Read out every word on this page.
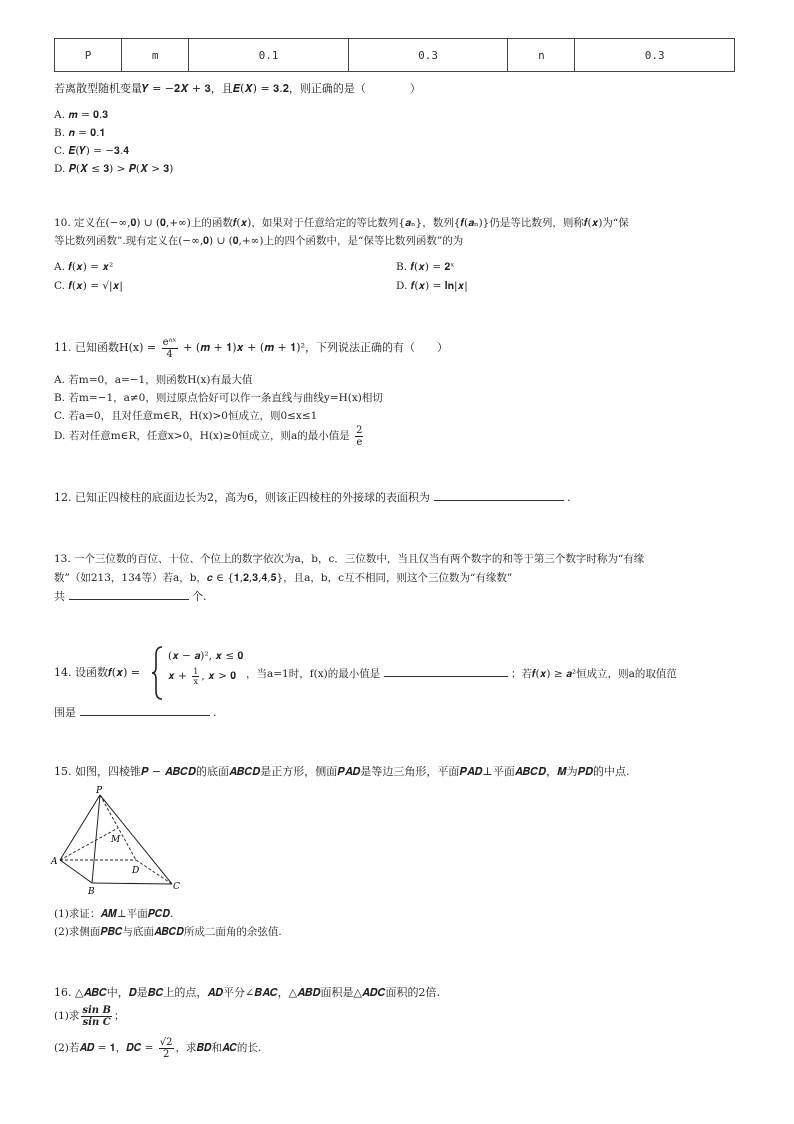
P	m	0.1	0.3	n	0.3
若离散型随机变量𝒀 = −𝟐𝑿 + 𝟑，且𝑬(𝑿) = 𝟑.𝟐，则正确的是（　　　　）
A. 𝒎 = 𝟎.𝟑
B. 𝒏 = 𝟎.𝟏
C. 𝑬(𝒀) = −𝟑.𝟒
D. 𝑷(𝑿 ≤ 𝟑) > 𝑷(𝑿 > 𝟑)
10. 定义在(−∞,𝟎) ∪ (𝟎,+∞)上的函数𝒇(𝒙)，如果对于任意给定的等比数列{𝒂ₙ}，数列{𝒇(𝒂ₙ)}仍是等比数列，则称𝒇(𝒙)为“保
等比数列函数”.现有定义在(−∞,𝟎) ∪ (𝟎,+∞)上的四个函数中，是“保等比数列函数”的为
A. 𝒇(𝒙) = 𝒙²	B. 𝒇(𝒙) = 𝟐ˣ
C. 𝒇(𝒙) = √|𝒙|	D. 𝒇(𝒙) = 𝐥𝐧|𝒙|
11. 已知函数$H(x) = \frac{\text{eᵃˣ}}{4}$ + (𝒎 + 𝟏)𝒙 + (𝒎 + 𝟏)²，下列说法正确的有（　　）
A. 若m=0，a=−1，则函数H(x)有最大值
B. 若m=−1，a≠0，则过原点恰好可以作一条直线与曲线y=H(x)相切
C. 若a=0，且对任意m∈R，H(x)>0恒成立，则0≤x≤1
D. 若对任意m∈R，任意x>0，H(x)≥0恒成立，则a的最小值是 $\frac{2}{e}$
12. 已知正四棱柱的底面边长为2，高为6，则该正四棱柱的外接球的表面积为	.
13. 一个三位数的百位、十位、个位上的数字依次为a，b，c．三位数中，当且仅当有两个数字的和等于第三个数字时称为“有缘
数”（如213，134等）若a，b，𝒄 ∈ {𝟏,𝟐,𝟑,𝟒,𝟓}，且a，b，c互不相同，则这个三位数为“有缘数”
共	个.
14. 设函数𝒇(𝒙) =
(𝒙 − 𝒂)², 𝒙 ≤ 𝟎
𝒙 + $\frac{1}{x}$ , 𝒙 > 𝟎 ，当a=1时，f(x)的最小值是	；若𝒇(𝒙) ≥ 𝒂²恒成立，则a的取值范
围是	.
15. 如图，四棱锥𝑷 − 𝑨𝑩𝑪𝑫的底面𝑨𝑩𝑪𝑫是正方形，侧面𝑷𝑨𝑫是等边三角形，平面𝑷𝑨𝑫⊥平面𝑨𝑩𝑪𝑫，𝑴为𝑷𝑫的中点.
P
M
A
D
B	C
(1)求证：𝑨𝑴⊥平面𝑷𝑪𝑫.
(2)求侧面𝑷𝑩𝑪与底面𝑨𝑩𝑪𝑫所成二面角的余弦值.
16. △𝑨𝑩𝑪中，𝑫是𝑩𝑪上的点，𝑨𝑫平分∠𝑩𝑨𝑪，△𝑨𝑩𝑫面积是△𝑨𝑫𝑪面积的2倍.
(1)求 $\frac{\text{sin B}}{\text{sin C}}$ ；
(2)若𝑨𝑫 = 𝟏，𝑫𝑪 = $\frac{√2}{2}$ ，求𝑩𝑫和𝑨𝑪的长.
